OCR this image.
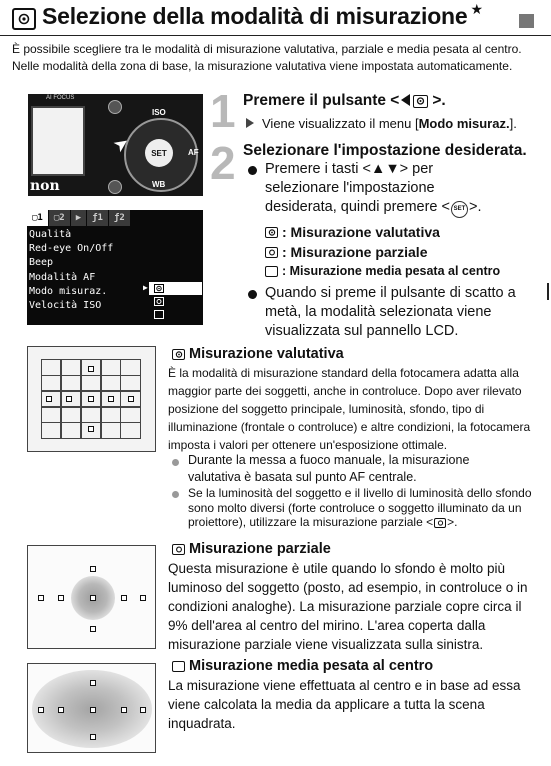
Selezione della modalità di misurazione ★
È possibile scegliere tra le modalità di misurazione valutativa, parziale e media pesata al centro. Nelle modalità della zona di base, la misurazione valutativa viene impostata automaticamente.
AI FOCUS
non
SET
ISO
AF
WB
➤
▢1	▢2	▶	ƒ1	ƒ2
Qualità
Red-eye On/Off
Beep
Modalità AF
Modo misuraz.
Velocità ISO
▶
1 Premere il pulsante < >.
Viene visualizzato il menu [Modo misuraz.].
2 Selezionare l'impostazione desiderata.
Premere i tasti <▲▼> per selezionare l'impostazione desiderata, quindi premere < SET >.
: Misurazione valutativa
: Misurazione parziale
: Misurazione media pesata al centro
Quando si preme il pulsante di scatto a metà, la modalità selezionata viene visualizzata sul pannello LCD.
Misurazione valutativa
È la modalità di misurazione standard della fotocamera adatta alla maggior parte dei soggetti, anche in controluce. Dopo aver rilevato posizione del soggetto principale, luminosità, sfondo, tipo di illuminazione (frontale o controluce) e altre condizioni, la fotocamera imposta i valori per ottenere un'esposizione ottimale.
Durante la messa a fuoco manuale, la misurazione valutativa è basata sul punto AF centrale.
Se la luminosità del soggetto e il livello di luminosità dello sfondo sono molto diversi (forte controluce o soggetto illuminato da un proiettore), utilizzare la misurazione parziale < >.
Misurazione parziale
Questa misurazione è utile quando lo sfondo è molto più luminoso del soggetto (posto, ad esempio, in controluce o in condizioni analoghe). La misurazione parziale copre circa il 9% dell'area al centro del mirino. L'area coperta dalla misurazione parziale viene visualizzata sulla sinistra.
Misurazione media pesata al centro
La misurazione viene effettuata al centro e in base ad essa viene calcolata la media da applicare a tutta la scena inquadrata.
